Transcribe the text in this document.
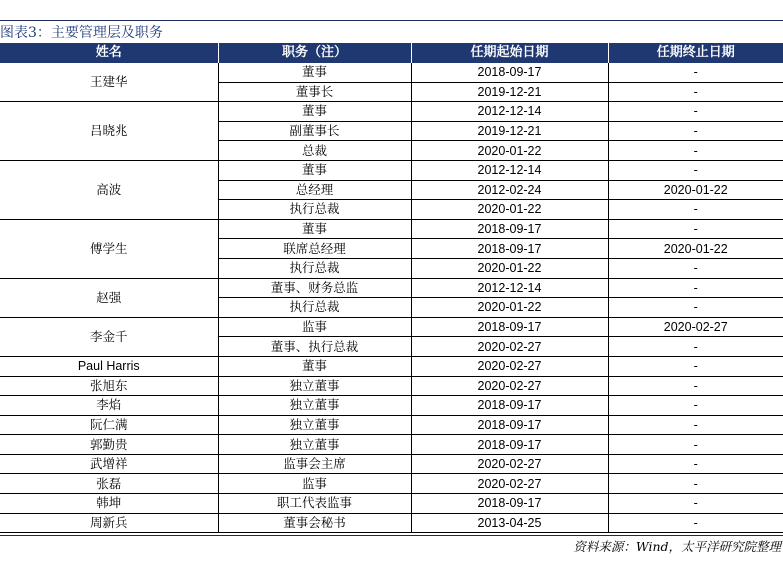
图表3：主要管理层及职务
姓名	职务（注）	任期起始日期	任期终止日期
王建华	董事	2018-09-17	-
	董事长	2019-12-21	-
吕晓兆	董事	2012-12-14	-
	副董事长	2019-12-21	-
	总裁	2020-01-22	-
高波	董事	2012-12-14	-
	总经理	2012-02-24	2020-01-22
	执行总裁	2020-01-22	-
傅学生	董事	2018-09-17	-
	联席总经理	2018-09-17	2020-01-22
	执行总裁	2020-01-22	-
赵强	董事、财务总监	2012-12-14	-
	执行总裁	2020-01-22	-
李金千	监事	2018-09-17	2020-02-27
	董事、执行总裁	2020-02-27	-
Paul Harris	董事	2020-02-27	-
张旭东	独立董事	2020-02-27	-
李焰	独立董事	2018-09-17	-
阮仁满	独立董事	2018-09-17	-
郭勤贵	独立董事	2018-09-17	-
武增祥	监事会主席	2020-02-27	-
张磊	监事	2020-02-27	-
韩坤	职工代表监事	2018-09-17	-
周新兵	董事会秘书	2013-04-25	-
资料来源：Wind，太平洋研究院整理
